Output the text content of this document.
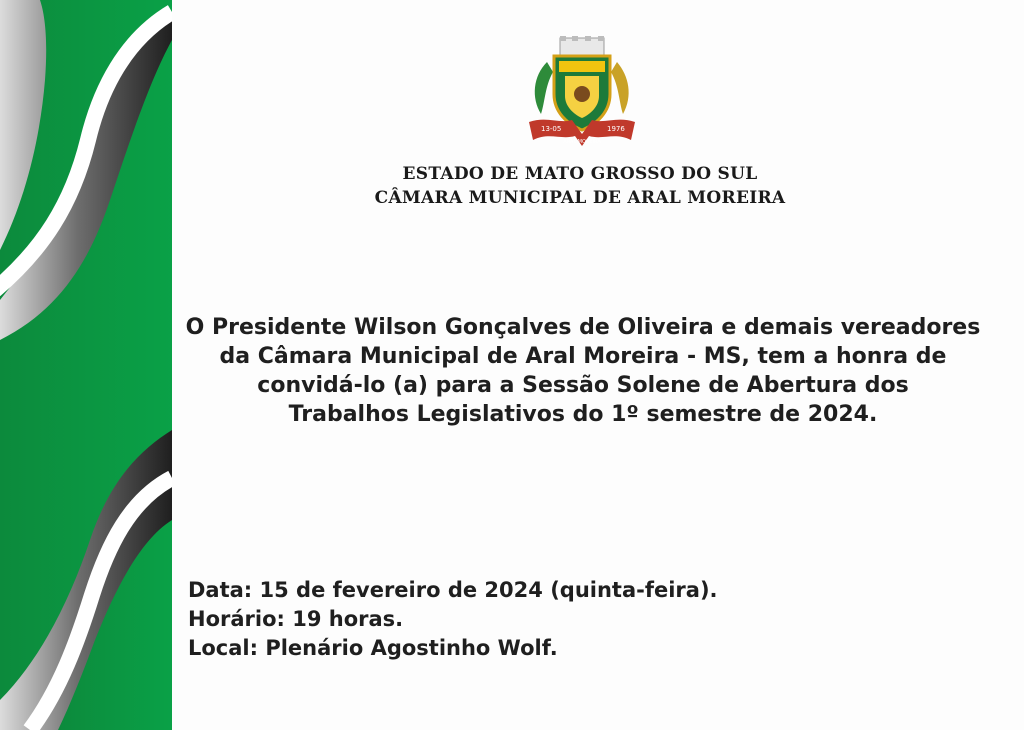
13-05	1976
ARAL MOREIRA
ESTADO DE MATO GROSSO DO SUL
CÂMARA MUNICIPAL DE ARAL MOREIRA
O Presidente Wilson Gonçalves de Oliveira e demais vereadores
da Câmara Municipal de Aral Moreira - MS, tem a honra de
convidá-lo (a) para a Sessão Solene de Abertura dos
Trabalhos Legislativos do 1º semestre de 2024.
Data: 15 de fevereiro de 2024 (quinta-feira).
Horário: 19 horas.
Local: Plenário Agostinho Wolf.
